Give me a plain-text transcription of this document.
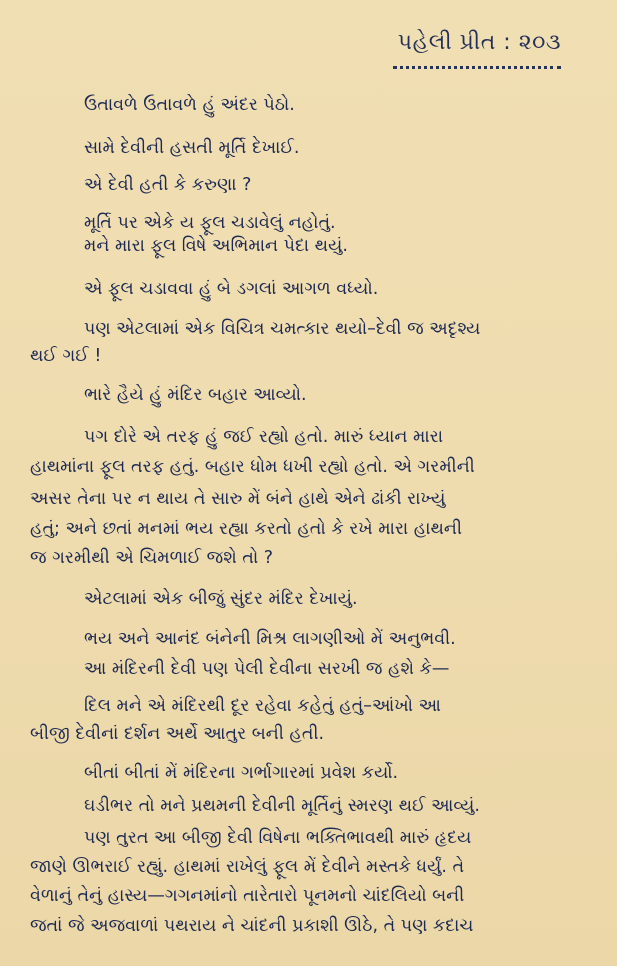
પહેલી પ્રીત : ૨૦૩
ઉતાવળે ઉતાવળે હું અંદર પેઠો.
સામે દેવીની હસતી મૂર્તિ દેખાઈ.
એ દેવી હતી કે કરુણા ?
મૂર્તિ પર એકે ય ફૂલ ચડાવેલું નહોતું.
મને મારા ફૂલ વિષે અભિમાન પેદા થયું.
એ ફૂલ ચડાવવા હું બે ડગલાં આગળ વધ્યો.
પણ એટલામાં એક વિચિત્ર ચમત્કાર થયો–દેવી જ અદૃશ્ય
થઈ ગઈ !
ભારે હૈયે હું મંદિર બહાર આવ્યો.
પગ દોરે એ તરફ હું જઈ રહ્યો હતો. મારું ધ્યાન મારા
હાથમાંના ફૂલ તરફ હતું. બહાર ધોમ ધખી રહ્યો હતો. એ ગરમીની
અસર તેના પર ન થાય તે સારુ મેં બંને હાથે એને ઢાંકી રાખ્યું
હતું; અને છતાં મનમાં ભય રહ્યા કરતો હતો કે રખે મારા હાથની
જ ગરમીથી એ ચિમળાઈ જશે તો ?
એટલામાં એક બીજું સુંદર મંદિર દેખાયું.
ભય અને આનંદ બંનેની મિશ્ર લાગણીઓ મેં અનુભવી.
આ મંદિરની દેવી પણ પેલી દેવીના સરખી જ હશે કે—
દિલ મને એ મંદિરથી દૂર રહેવા કહેતું હતું–આંખો આ
બીજી દેવીનાં દર્શન અર્થે આતુર બની હતી.
બીતાં બીતાં મેં મંદિરના ગર્ભાગારમાં પ્રવેશ કર્યો.
ઘડીભર તો મને પ્રથમની દેવીની મૂર્તિનું સ્મરણ થઈ આવ્યું.
પણ તુરત આ બીજી દેવી વિષેના ભક્તિભાવથી મારું હૃદય
જાણે ઊભરાઈ રહ્યું. હાથમાં રાખેલું ફૂલ મેં દેવીને મસ્તકે ધર્યું. તે
વેળાનું તેનું હાસ્ય—ગગનમાંનો તારેતારો પૂનમનો ચાંદલિયો બની
જતાં જે અજવાળાં પથરાય ને ચાંદની પ્રકાશી ઊઠે, તે પણ કદાચ
